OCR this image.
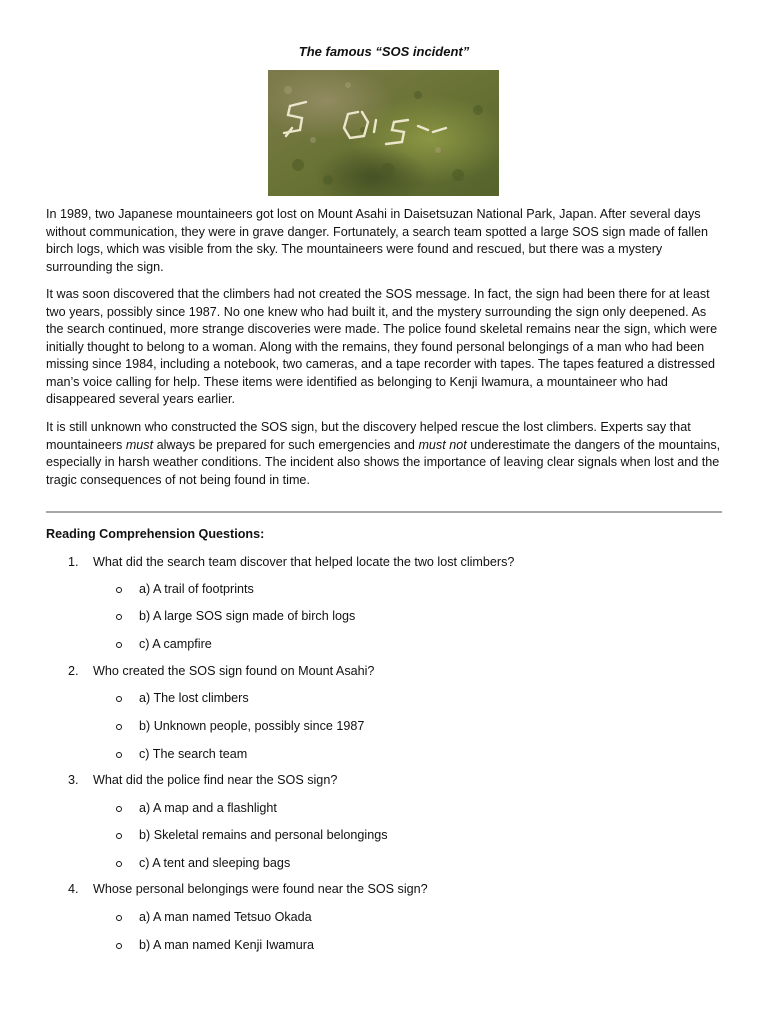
The famous “SOS incident”

In 1989, two Japanese mountaineers got lost on Mount Asahi in Daisetsuzan National Park, Japan. After several days without communication, they were in grave danger. Fortunately, a search team spotted a large SOS sign made of fallen birch logs, which was visible from the sky. The mountaineers were found and rescued, but there was a mystery surrounding the sign.

It was soon discovered that the climbers had not created the SOS message. In fact, the sign had been there for at least two years, possibly since 1987. No one knew who had built it, and the mystery surrounding the sign only deepened. As the search continued, more strange discoveries were made. The police found skeletal remains near the sign, which were initially thought to belong to a woman. Along with the remains, they found personal belongings of a man who had been missing since 1984, including a notebook, two cameras, and a tape recorder with tapes. The tapes featured a distressed man’s voice calling for help. These items were identified as belonging to Kenji Iwamura, a mountaineer who had disappeared several years earlier.

It is still unknown who constructed the SOS sign, but the discovery helped rescue the lost climbers. Experts say that mountaineers must always be prepared for such emergencies and must not underestimate the dangers of the mountains, especially in harsh weather conditions. The incident also shows the importance of leaving clear signals when lost and the tragic consequences of not being found in time.

Reading Comprehension Questions:
1. What did the search team discover that helped locate the two lost climbers?
a) A trail of footprints
b) A large SOS sign made of birch logs
c) A campfire
2. Who created the SOS sign found on Mount Asahi?
a) The lost climbers
b) Unknown people, possibly since 1987
c) The search team
3. What did the police find near the SOS sign?
a) A map and a flashlight
b) Skeletal remains and personal belongings
c) A tent and sleeping bags
4. Whose personal belongings were found near the SOS sign?
a) A man named Tetsuo Okada
b) A man named Kenji Iwamura
